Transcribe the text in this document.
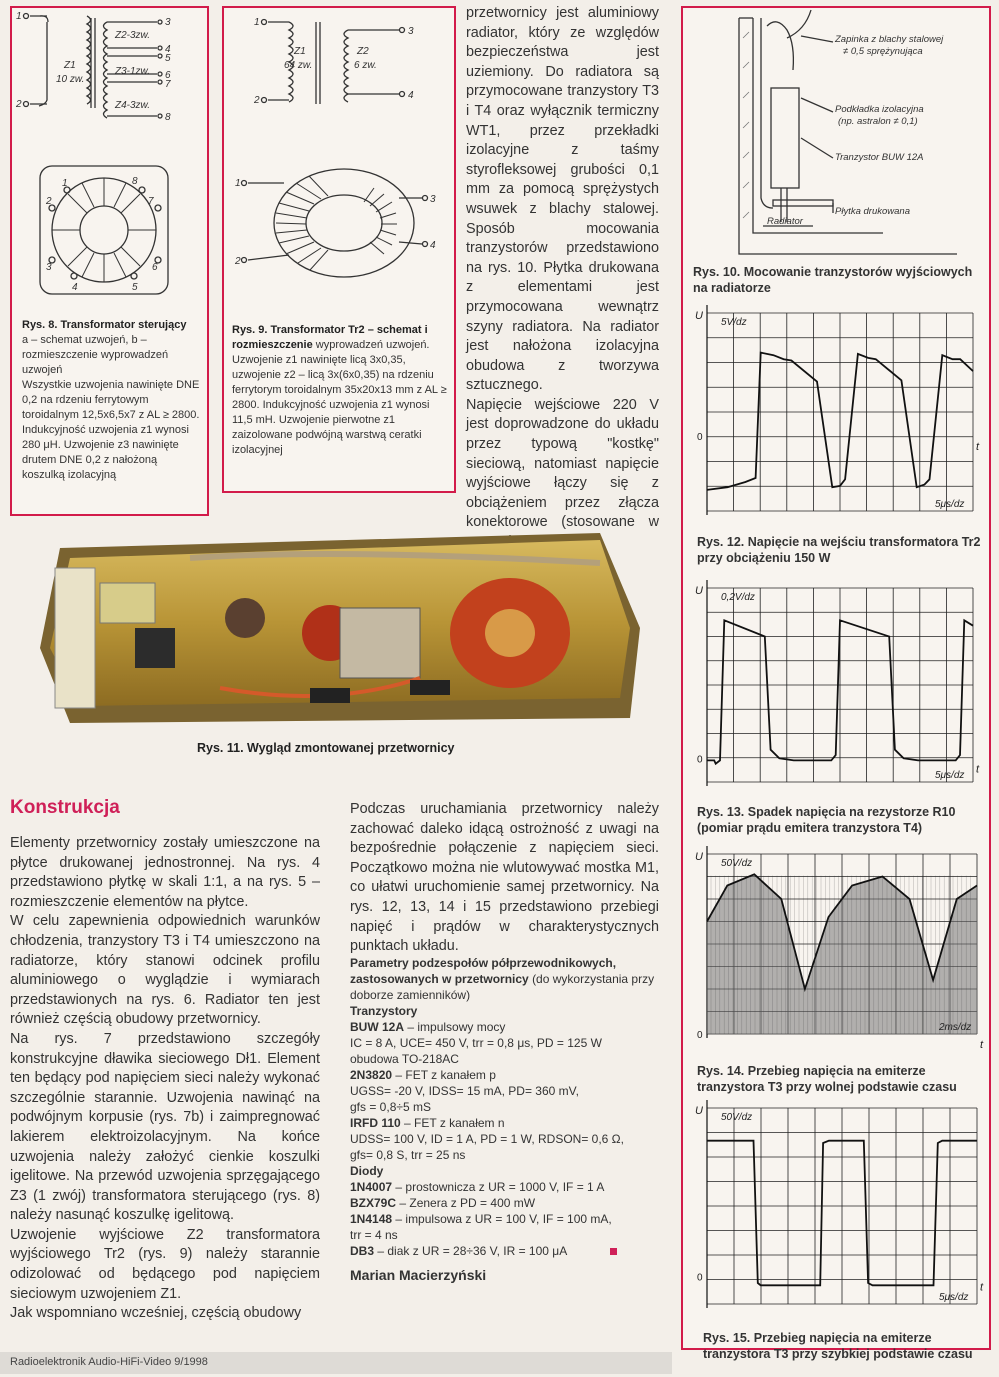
Z2-3zw.
Z3-1zw.
Z4-3zw.
Z1
10 zw.
1
2
3
4
5
6
7
8
1	8
2	7
3	6
4	5
Rys. 8. Transformator sterujący
a – schemat uzwojeń, b – rozmieszczenie wyprowadzeń uzwojeń
Wszystkie uzwojenia nawinięte DNE 0,2 na rdzeniu ferrytowym toroidalnym 12,5x6,5x7 z AL ≥ 2800. Indukcyjność uzwojenia z1 wynosi 280 μH. Uzwojenie z3 nawinięte drutem DNE 0,2 z nałożoną koszulką izolacyjną
Z1
64 zw.
Z2
6 zw.
1
2
3
4
1
2
3
4
Rys. 9. Transformator Tr2 – schemat i rozmieszczenie wyprowadzeń uzwojeń.
Uzwojenie z1 nawinięte licą 3x0,35, uzwojenie z2 – licą 3x(6x0,35) na rdzeniu ferrytorym toroidalnym 35x20x13 mm z AL ≥ 2800. Indukcyjność uzwojenia z1 wynosi 11,5 mH. Uzwojenie pierwotne z1 zaizolowane podwójną warstwą ceratki izolacyjnej

przetwornicy jest aluminiowy radiator, który ze względów bezpieczeństwa jest uziemiony. Do radiatora są przymocowane tranzystory T3 i T4 oraz wyłącznik termiczny WT1, przez przekładki izolacyjne z taśmy styrofleksowej grubości 0,1 mm za pomocą sprężystych wsuwek z blachy stalowej. Sposób mocowania tranzystorów przedstawiono na rys. 10. Płytka drukowana z elementami jest przymocowana wewnątrz szyny radiatora. Na radiator jest nałożona izolacyjna obudowa z tworzywa sztucznego.

Napięcie wejściowe 220 V jest doprowadzone do układu przez typową "kostkę" sieciową, natomiast napięcie wyjściowe łączy się z obciążeniem przez złącza konektorowe (stosowane w

Zapinka z blachy stalowej ≠ 0,5 sprężynująca
Podkładka izolacyjna (np. astralon ≠ 0,1)
Tranzystor BUW 12A
Płytka drukowana
Radiator
Rys. 10. Mocowanie tranzystorów wyjściowych na radiatorze
U
5V/dz
5μs/dz
t
0
U
0,2V/dz
5μs/dz t
0
U
50V/dz
2ms/dz
t
0
U
50V/dz
5μs/dz
t
0
Rys. 12. Napięcie na wejściu transformatora Tr2 przy obciążeniu 150 W
Rys. 13. Spadek napięcia na rezystorze R10 (pomiar prądu emitera tranzystora T4)
Rys. 14. Przebieg napięcia na emiterze tranzystora T3 przy wolnej podstawie czasu
Rys. 15. Przebieg napięcia na emiterze tranzystora T3 przy szybkiej podstawie czasu
Rys. 11. Wygląd zmontowanej przetwornicy
Konstrukcja

Elementy przetwornicy zostały umieszczone na płytce drukowanej jednostronnej. Na rys. 4 przedstawiono płytkę w skali 1:1, a na rys. 5 – rozmieszczenie elementów na płytce.

W celu zapewnienia odpowiednich warunków chłodzenia, tranzystory T3 i T4 umieszczono na radiatorze, który stanowi odcinek profilu aluminiowego o wyglądzie i wymiarach przedstawionych na rys. 6. Radiator ten jest również częścią obudowy przetwornicy.

Na rys. 7 przedstawiono szczegóły konstrukcyjne dławika sieciowego Dł1. Element ten będący pod napięciem sieci należy wykonać szczególnie starannie. Uzwojenia nawinąć na podwójnym korpusie (rys. 7b) i zaimpregnować lakierem elektroizolacyjnym. Na końce uzwojenia należy założyć cienkie koszulki igelitowe. Na przewód uzwojenia sprzęgającego Z3 (1 zwój) transformatora sterującego (rys. 8) należy nasunąć koszulkę igelitową.

Uzwojenie wyjściowe Z2 transformatora wyjściowego Tr2 (rys. 9) należy starannie odizolować od będącego pod napięciem sieciowym uzwojeniem Z1.

Jak wspomniano wcześniej, częścią obudowy

Podczas uruchamiania przetwornicy należy zachować daleko idącą ostrożność z uwagi na bezpośrednie połączenie z napięciem sieci. Początkowo można nie wlutowywać mostka M1, co ułatwi uruchomienie samej przetwornicy. Na rys. 12, 13, 14 i 15 przedstawiono przebiegi napięć i prądów w charakterystycznych punktach układu.

Parametry podzespołów półprzewodnikowych, zastosowanych w przetwornicy (do wykorzystania przy doborze zamienników)
Tranzystory
BUW 12A – impulsowy mocy
IC = 8 A, UCE= 450 V, trr = 0,8 μs, PD = 125 W
obudowa TO-218AC
2N3820 – FET z kanałem p
UGSS= -20 V, IDSS= 15 mA, PD= 360 mV,
gfs = 0,8÷5 mS
IRFD 110 – FET z kanałem n
UDSS= 100 V, ID = 1 A, PD = 1 W, RDSON= 0,6 Ω,
gfs= 0,8 S, trr = 25 ns
Diody
1N4007 – prostownicza z UR = 1000 V, IF = 1 A
BZX79C – Zenera z PD = 400 mW
1N4148 – impulsowa z UR = 100 V, IF = 100 mA,
trr = 4 ns
DB3 – diak z UR = 28÷36 V, IR = 100 μA
Marian Macierzyński
Radioelektronik Audio-HiFi-Video 9/1998
